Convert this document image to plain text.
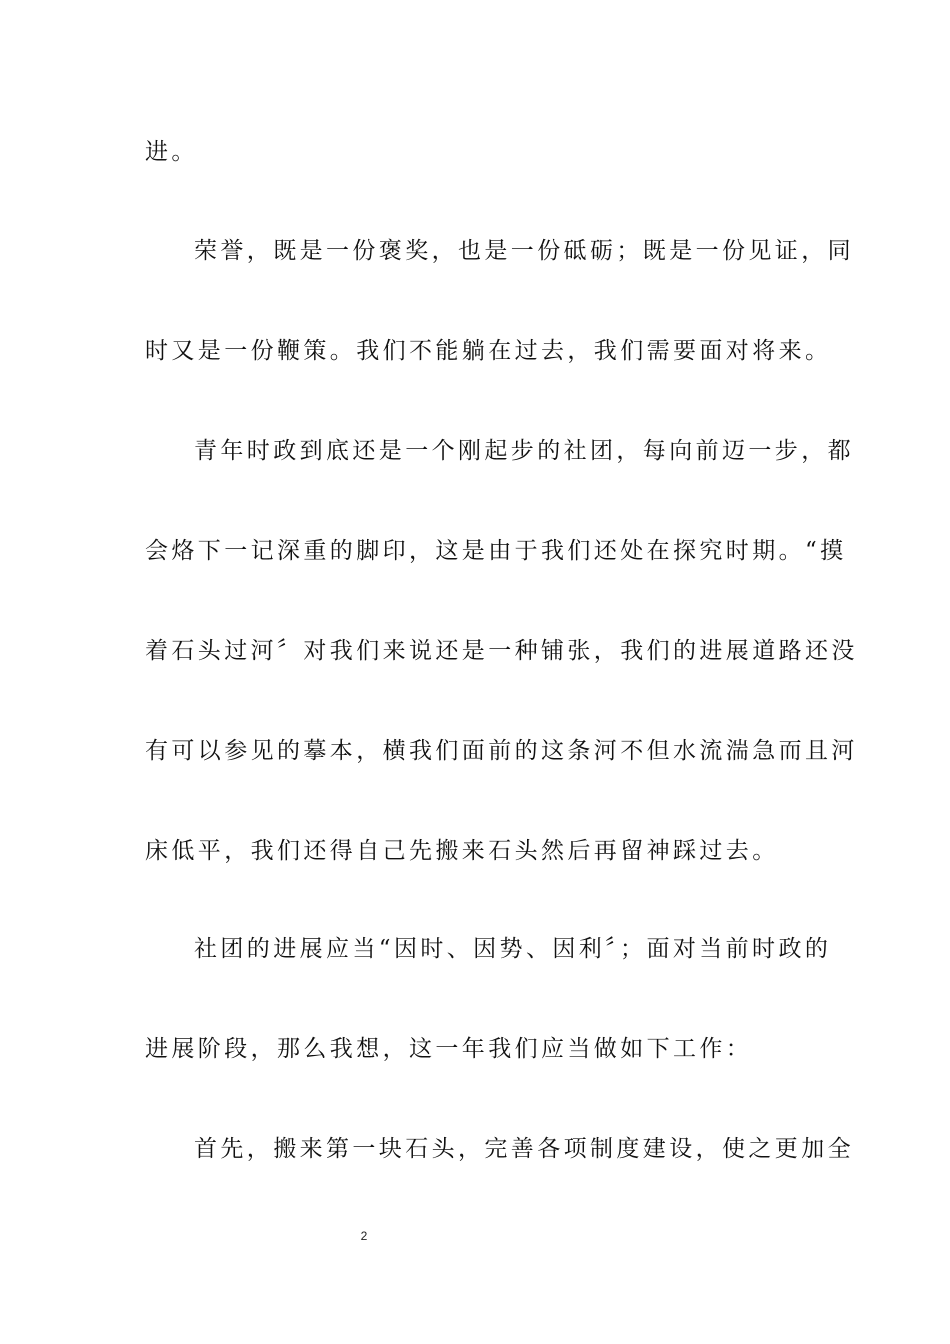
进。
荣誉，既是一份褒奖，也是一份砥砺；既是一份见证，同
时又是一份鞭策。我们不能躺在过去，我们需要面对将来。
青年时政到底还是一个刚起步的社团，每向前迈一步，都
会烙下一记深重的脚印，这是由于我们还处在探究时期。“摸
着石头过河〞对我们来说还是一种铺张，我们的进展道路还没
有可以参见的摹本，横我们面前的这条河不但水流湍急而且河
床低平，我们还得自己先搬来石头然后再留神踩过去。
社团的进展应当“因时、因势、因利〞；面对当前时政的
进展阶段，那么我想，这一年我们应当做如下工作：
首先，搬来第一块石头，完善各项制度建设，使之更加全
2
